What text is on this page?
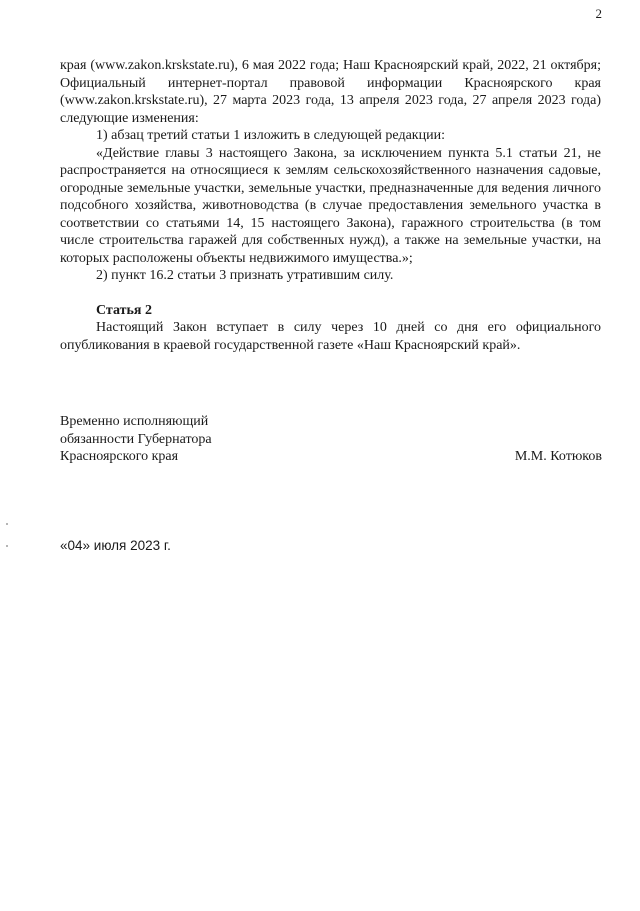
2

края (www.zakon.krskstate.ru), 6 мая 2022 года; Наш Красноярский край, 2022, 21 октября; Официальный интернет-портал правовой информации Красноярского края (www.zakon.krskstate.ru), 27 марта 2023 года, 13 апреля 2023 года, 27 апреля 2023 года) следующие изменения:

1) абзац третий статьи 1 изложить в следующей редакции:

«Действие главы 3 настоящего Закона, за исключением пункта 5.1 статьи 21, не распространяется на относящиеся к землям сельскохозяйственного назначения садовые, огородные земельные участки, земельные участки, предназначенные для ведения личного подсобного хозяйства, животноводства (в случае предоставления земельного участка в соответствии со статьями 14, 15 настоящего Закона), гаражного строительства (в том числе строительства гаражей для собственных нужд), а также на земельные участки, на которых расположены объекты недвижимого имущества.»;

2) пункт 16.2 статьи 3 признать утратившим силу.

Статья 2

Настоящий Закон вступает в силу через 10 дней со дня его официального опубликования в краевой государственной газете «Наш Красноярский край».

Временно исполняющий
обязанности Губернатора
Красноярского края	М.М. Котюков
«04» июля 2023 г.
